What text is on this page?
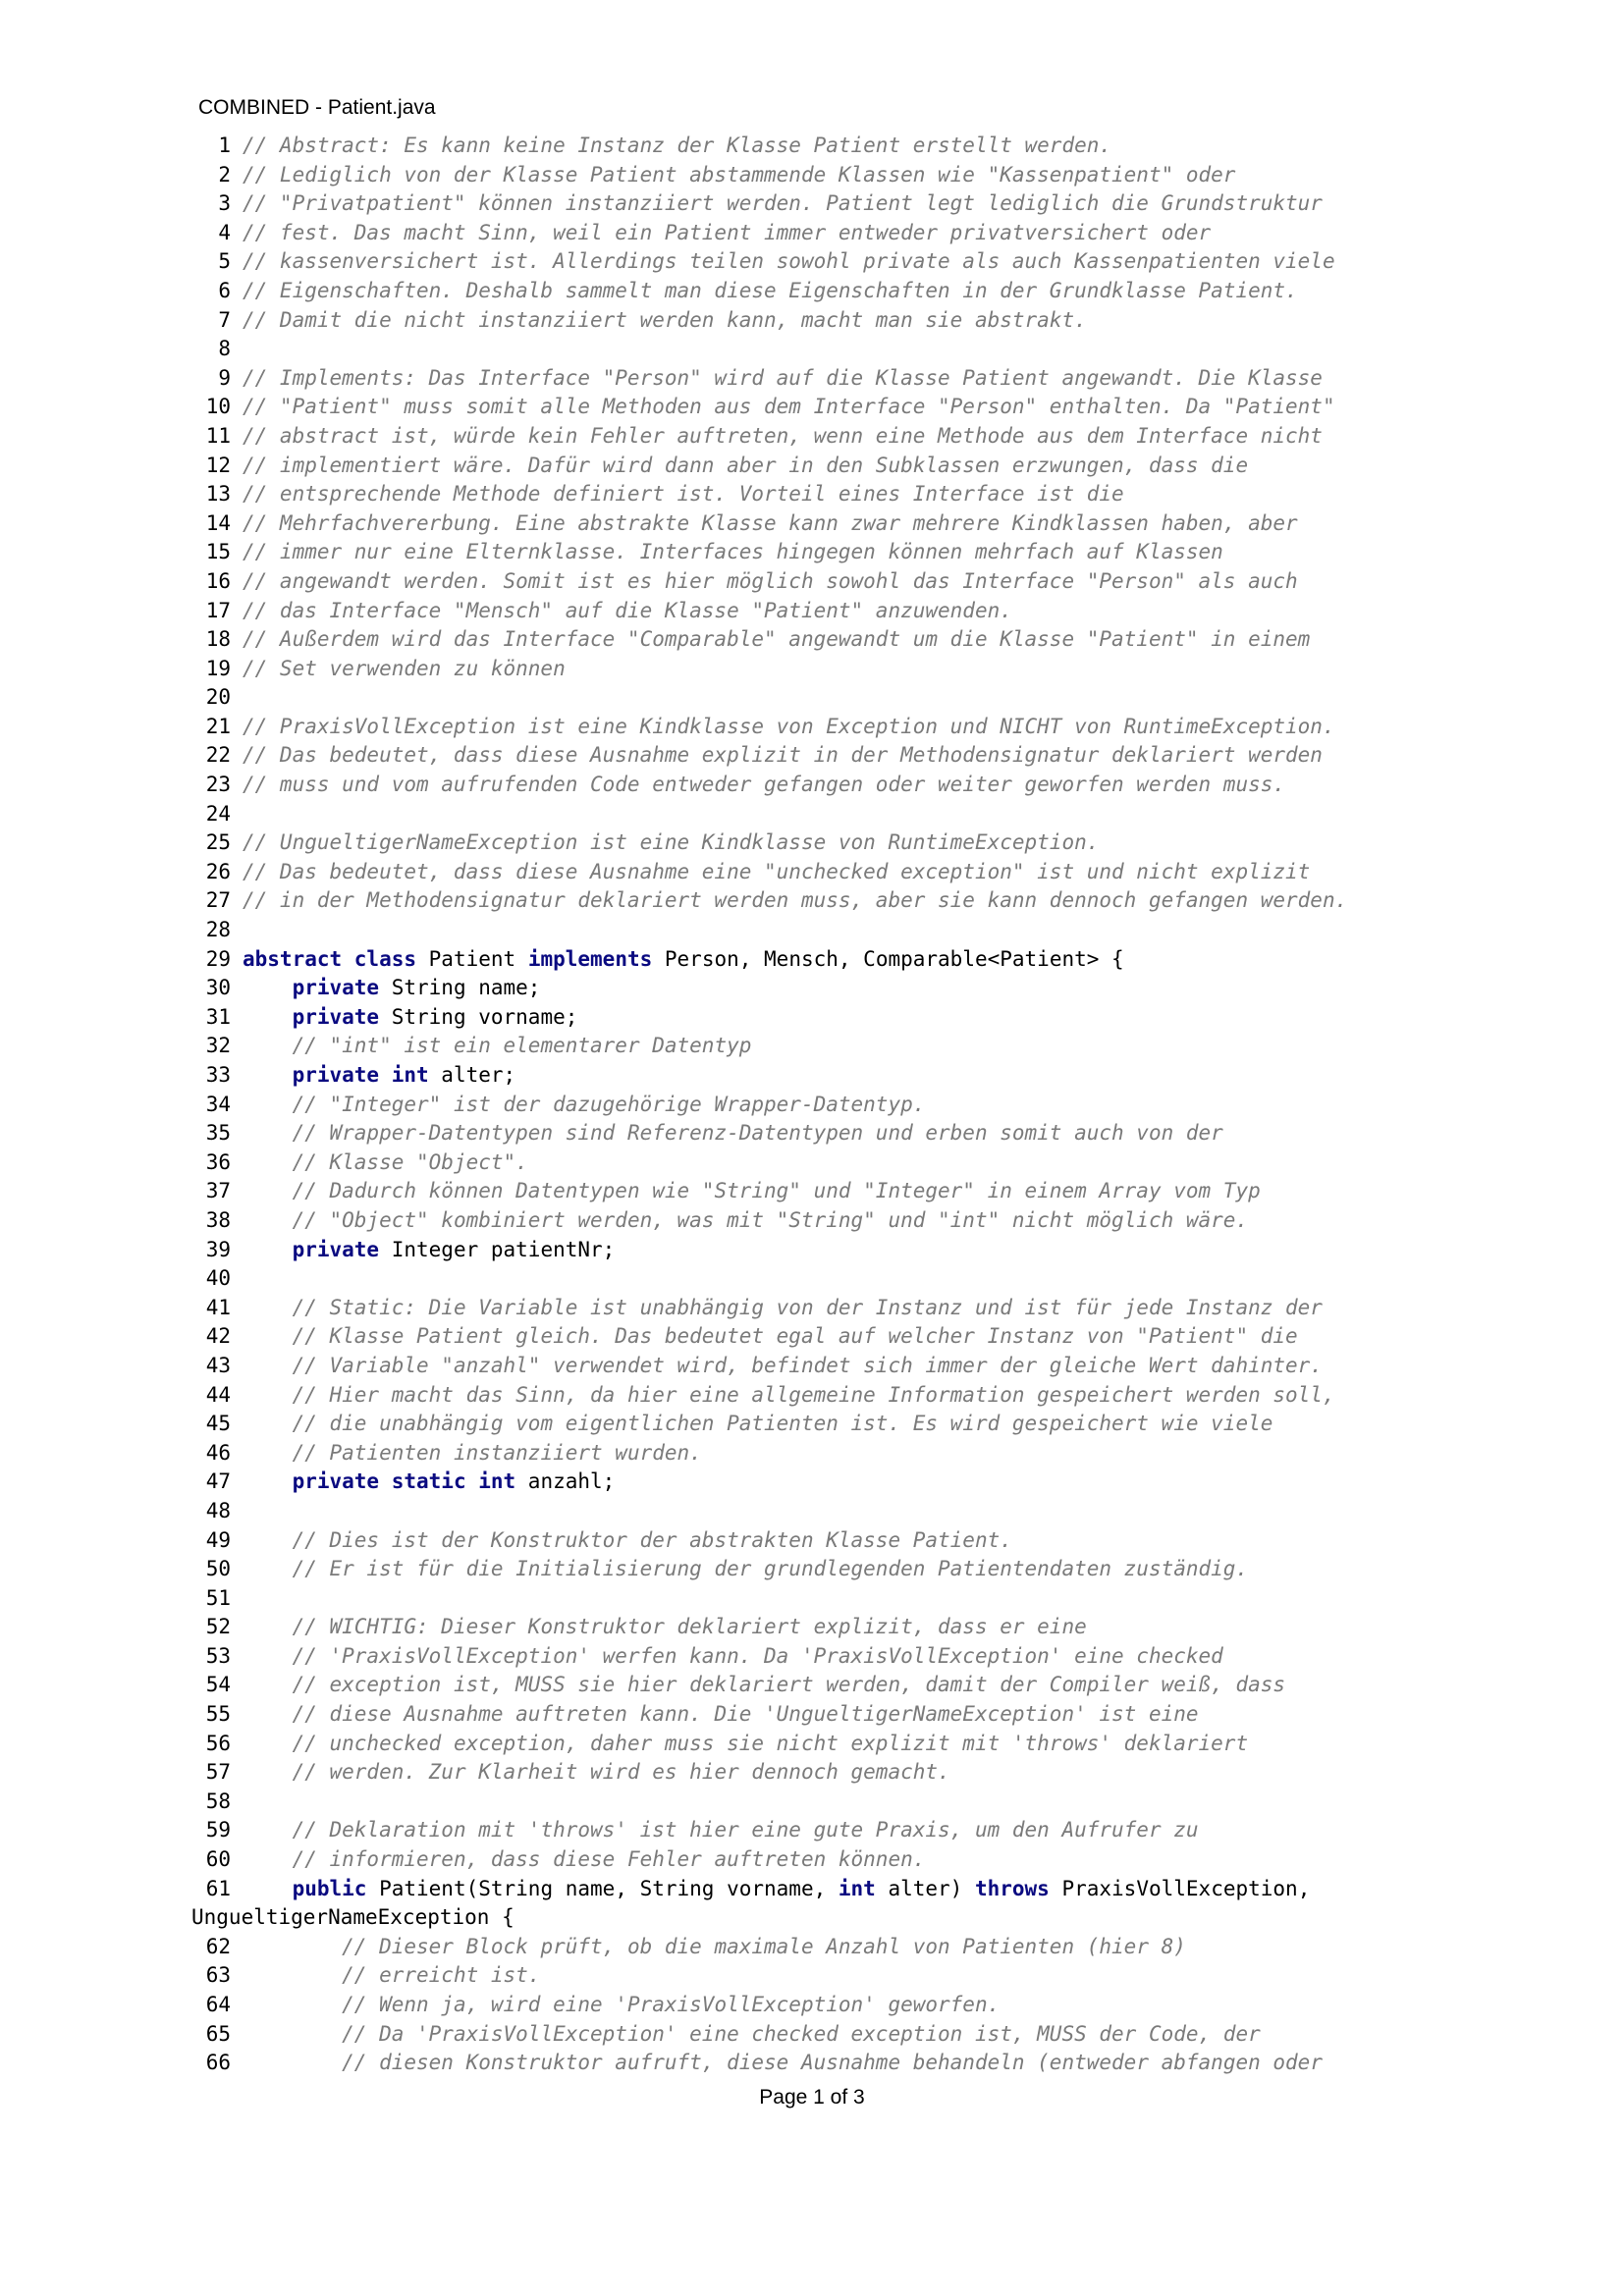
COMBINED - Patient.java
1 // Abstract: Es kann keine Instanz der Klasse Patient erstellt werden.
2 // Lediglich von der Klasse Patient abstammende Klassen wie "Kassenpatient" oder
3 // "Privatpatient" können instanziiert werden. Patient legt lediglich die Grundstruktur
4 // fest. Das macht Sinn, weil ein Patient immer entweder privatversichert oder
5 // kassenversichert ist. Allerdings teilen sowohl private als auch Kassenpatienten viele
6 // Eigenschaften. Deshalb sammelt man diese Eigenschaften in der Grundklasse Patient.
7 // Damit die nicht instanziiert werden kann, macht man sie abstrakt.
8
9 // Implements: Das Interface "Person" wird auf die Klasse Patient angewandt. Die Klasse
10 // "Patient" muss somit alle Methoden aus dem Interface "Person" enthalten. Da "Patient"
11 // abstract ist, würde kein Fehler auftreten, wenn eine Methode aus dem Interface nicht
12 // implementiert wäre. Dafür wird dann aber in den Subklassen erzwungen, dass die
13 // entsprechende Methode definiert ist. Vorteil eines Interface ist die
14 // Mehrfachvererbung. Eine abstrakte Klasse kann zwar mehrere Kindklassen haben, aber
15 // immer nur eine Elternklasse. Interfaces hingegen können mehrfach auf Klassen
16 // angewandt werden. Somit ist es hier möglich sowohl das Interface "Person" als auch
17 // das Interface "Mensch" auf die Klasse "Patient" anzuwenden.
18 // Außerdem wird das Interface "Comparable" angewandt um die Klasse "Patient" in einem
19 // Set verwenden zu können
20
21 // PraxisVollException ist eine Kindklasse von Exception und NICHT von RuntimeException.
22 // Das bedeutet, dass diese Ausnahme explizit in der Methodensignatur deklariert werden
23 // muss und vom aufrufenden Code entweder gefangen oder weiter geworfen werden muss.
24
25 // UngueltigerNameException ist eine Kindklasse von RuntimeException.
26 // Das bedeutet, dass diese Ausnahme eine "unchecked exception" ist und nicht explizit
27 // in der Methodensignatur deklariert werden muss, aber sie kann dennoch gefangen werden.
28
29 abstract class Patient implements Person, Mensch, Comparable<Patient> {
30	private String name;
31	private String vorname;
32	// "int" ist ein elementarer Datentyp
33	private int alter;
34	// "Integer" ist der dazugehörige Wrapper-Datentyp.
35	// Wrapper-Datentypen sind Referenz-Datentypen und erben somit auch von der
36	// Klasse "Object".
37	// Dadurch können Datentypen wie "String" und "Integer" in einem Array vom Typ
38	// "Object" kombiniert werden, was mit "String" und "int" nicht möglich wäre.
39	private Integer patientNr;
40
41	// Static: Die Variable ist unabhängig von der Instanz und ist für jede Instanz der
42	// Klasse Patient gleich. Das bedeutet egal auf welcher Instanz von "Patient" die
43	// Variable "anzahl" verwendet wird, befindet sich immer der gleiche Wert dahinter.
44	// Hier macht das Sinn, da hier eine allgemeine Information gespeichert werden soll,
45	// die unabhängig vom eigentlichen Patienten ist. Es wird gespeichert wie viele
46	// Patienten instanziiert wurden.
47	private static int anzahl;
48
49	// Dies ist der Konstruktor der abstrakten Klasse Patient.
50	// Er ist für die Initialisierung der grundlegenden Patientendaten zuständig.
51
52	// WICHTIG: Dieser Konstruktor deklariert explizit, dass er eine
53	// 'PraxisVollException' werfen kann. Da 'PraxisVollException' eine checked
54	// exception ist, MUSS sie hier deklariert werden, damit der Compiler weiß, dass
55	// diese Ausnahme auftreten kann. Die 'UngueltigerNameException' ist eine
56	// unchecked exception, daher muss sie nicht explizit mit 'throws' deklariert
57	// werden. Zur Klarheit wird es hier dennoch gemacht.
58
59	// Deklaration mit 'throws' ist hier eine gute Praxis, um den Aufrufer zu
60	// informieren, dass diese Fehler auftreten können.
61	public Patient(String name, String vorname, int alter) throws PraxisVollException,
UngueltigerNameException {
62	// Dieser Block prüft, ob die maximale Anzahl von Patienten (hier 8)
63	// erreicht ist.
64	// Wenn ja, wird eine 'PraxisVollException' geworfen.
65	// Da 'PraxisVollException' eine checked exception ist, MUSS der Code, der
66	// diesen Konstruktor aufruft, diese Ausnahme behandeln (entweder abfangen oder
Page 1 of 3
